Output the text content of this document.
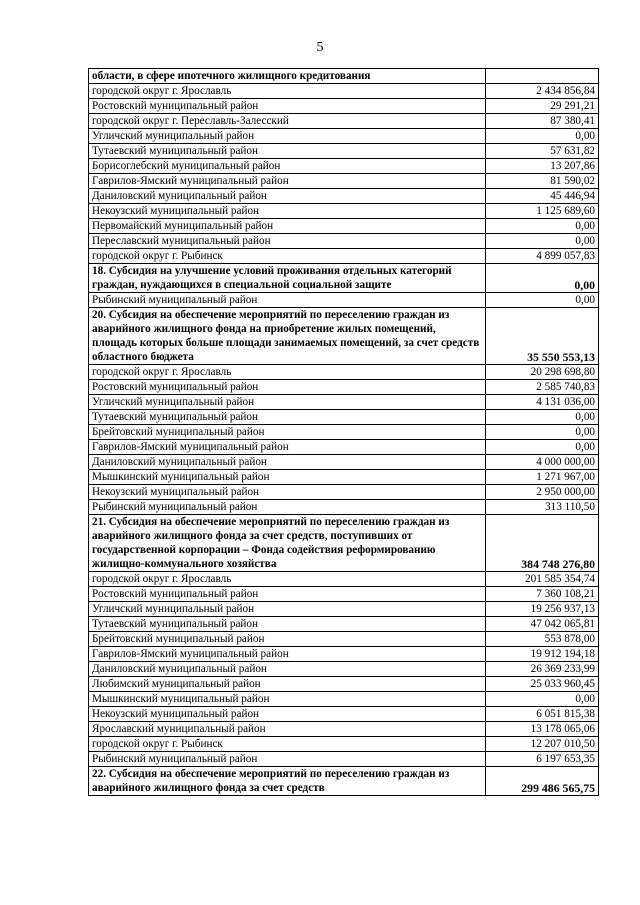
5
области, в сфере ипотечного жилищного кредитования	
городской округ г. Ярославль	2 434 856,84
Ростовский муниципальный район	29 291,21
городской округ г. Переславль-Залесский	87 380,41
Угличский муниципальный район	0,00
Тутаевский муниципальный район	57 631,82
Борисоглебский муниципальный район	13 207,86
Гаврилов-Ямский муниципальный район	81 590,02
Даниловский муниципальный район	45 446,94
Некоузский муниципальный район	1 125 689,60
Первомайский муниципальный район	0,00
Переславский муниципальный район	0,00
городской округ г. Рыбинск	4 899 057,83
18. Субсидия на улучшение условий проживания отдельных категорий граждан, нуждающихся в специальной социальной защите	0,00
Рыбинский муниципальный район	0,00
20. Субсидия на обеспечение мероприятий по переселению граждан из аварийного жилищного фонда на приобретение жилых помещений, площадь которых больше площади занимаемых помещений, за счет средств областного бюджета	35 550 553,13
городской округ г. Ярославль	20 298 698,80
Ростовский муниципальный район	2 585 740,83
Угличский муниципальный район	4 131 036,00
Тутаевский муниципальный район	0,00
Брейтовский муниципальный район	0,00
Гаврилов-Ямский муниципальный район	0,00
Даниловский муниципальный район	4 000 000,00
Мышкинский муниципальный район	1 271 967,00
Некоузский муниципальный район	2 950 000,00
Рыбинский муниципальный район	313 110,50
21. Субсидия на обеспечение мероприятий по переселению граждан из аварийного жилищного фонда за счет средств, поступивших от государственной корпорации – Фонда содействия реформированию жилищно-коммунального хозяйства	384 748 276,80
городской округ г. Ярославль	201 585 354,74
Ростовский муниципальный район	7 360 108,21
Угличский муниципальный район	19 256 937,13
Тутаевский муниципальный район	47 042 065,81
Брейтовский муниципальный район	553 878,00
Гаврилов-Ямский муниципальный район	19 912 194,18
Даниловский муниципальный район	26 369 233,99
Любимский муниципальный район	25 033 960,45
Мышкинский муниципальный район	0,00
Некоузский муниципальный район	6 051 815,38
Ярославский муниципальный район	13 178 065,06
городской округ г. Рыбинск	12 207 010,50
Рыбинский муниципальный район	6 197 653,35
22. Субсидия на обеспечение мероприятий по переселению граждан из аварийного жилищного фонда за счет средств	299 486 565,75
